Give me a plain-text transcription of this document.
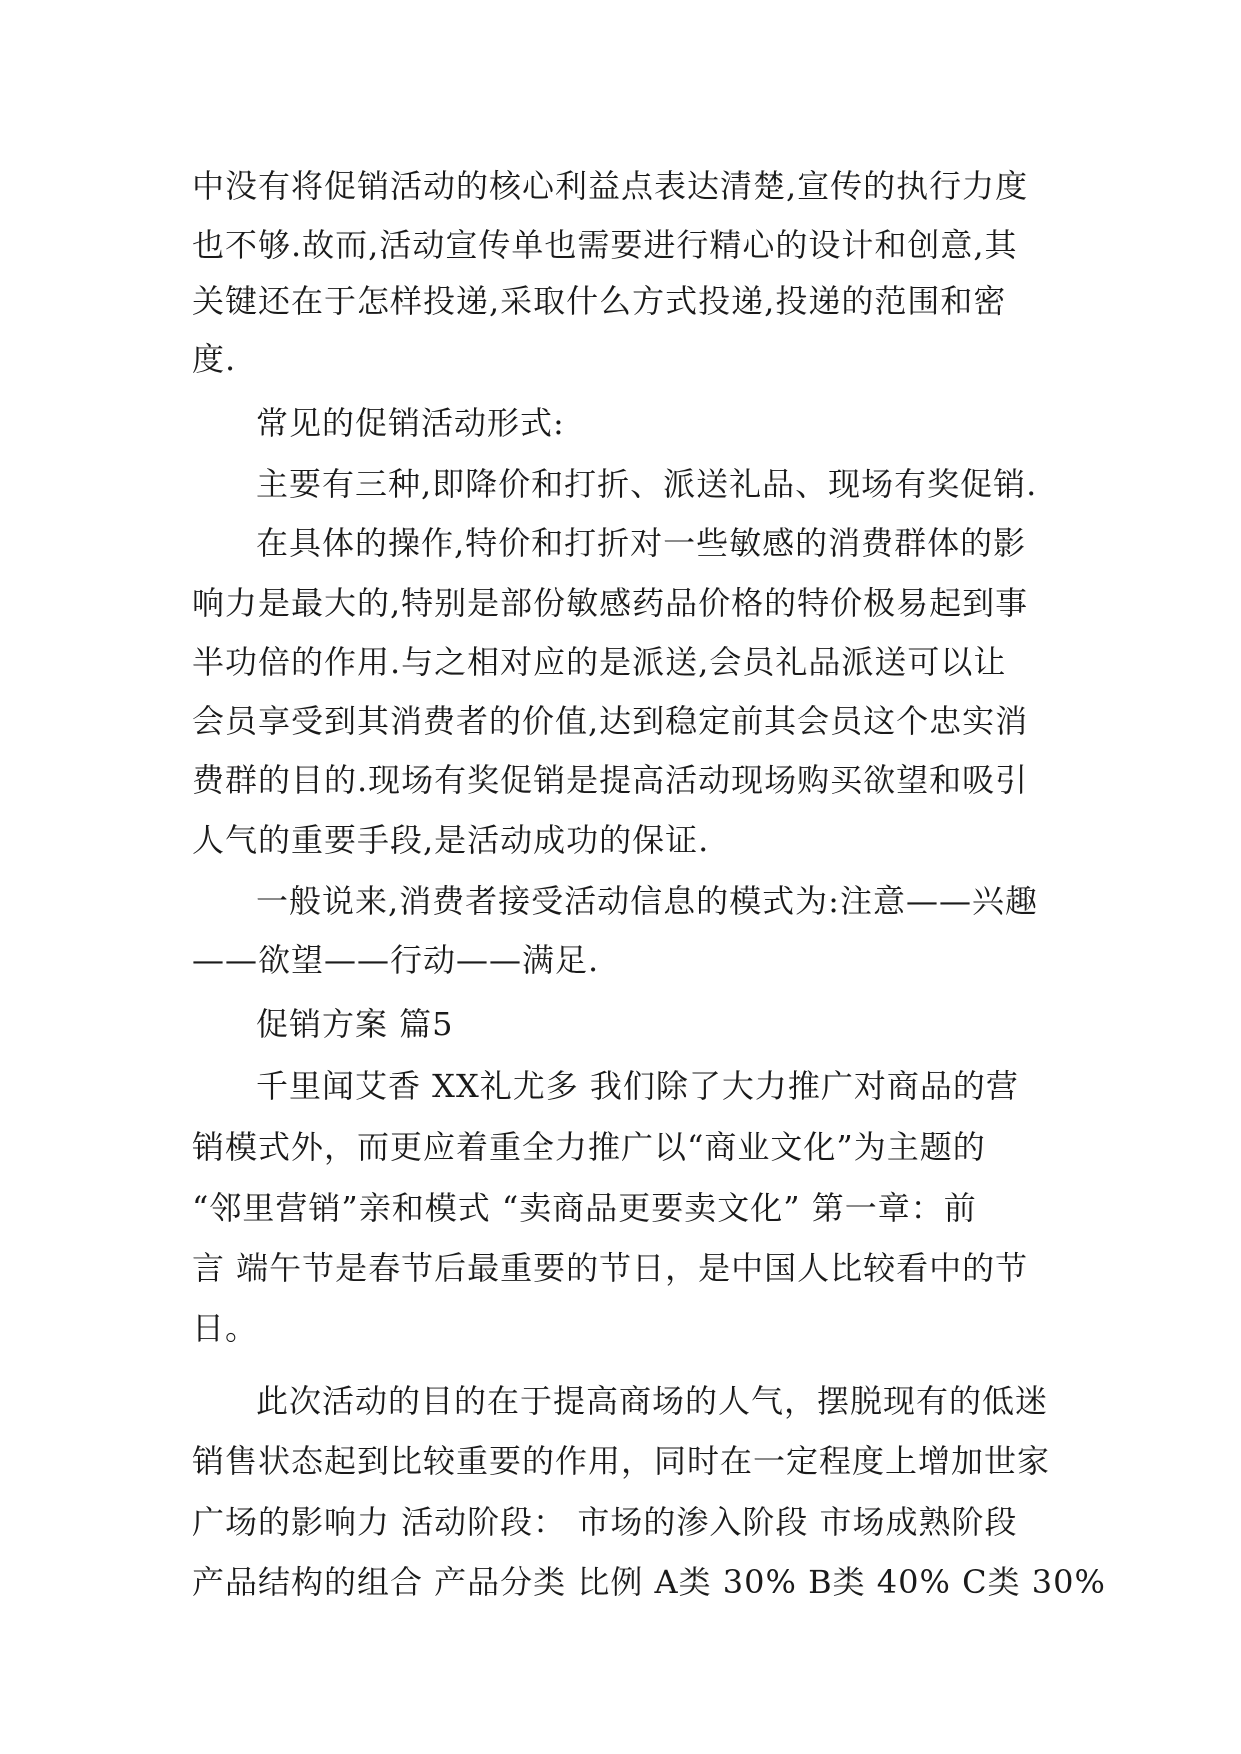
中没有将促销活动的核心利益点表达清楚,宣传的执行力度
也不够.故而,活动宣传单也需要进行精心的设计和创意,其
关键还在于怎样投递,采取什么方式投递,投递的范围和密
度.
常见的促销活动形式:
主要有三种,即降价和打折、派送礼品、现场有奖促销.
在具体的操作,特价和打折对一些敏感的消费群体的影
响力是最大的,特别是部份敏感药品价格的特价极易起到事
半功倍的作用.与之相对应的是派送,会员礼品派送可以让
会员享受到其消费者的价值,达到稳定前其会员这个忠实消
费群的目的.现场有奖促销是提高活动现场购买欲望和吸引
人气的重要手段,是活动成功的保证.
一般说来,消费者接受活动信息的模式为:注意——兴趣
——欲望——行动——满足.
促销方案 篇5
千里闻艾香 XX礼尤多 我们除了大力推广对商品的营
销模式外，而更应着重全力推广以“商业文化”为主题的
“邻里营销”亲和模式 “卖商品更要卖文化” 第一章：前
言 端午节是春节后最重要的节日，是中国人比较看中的节
日。
此次活动的目的在于提高商场的人气，摆脱现有的低迷
销售状态起到比较重要的作用，同时在一定程度上增加世家
广场的影响力 活动阶段： 市场的渗入阶段 市场成熟阶段
产品结构的组合 产品分类 比例 A类 30% B类 40% C类 30%
